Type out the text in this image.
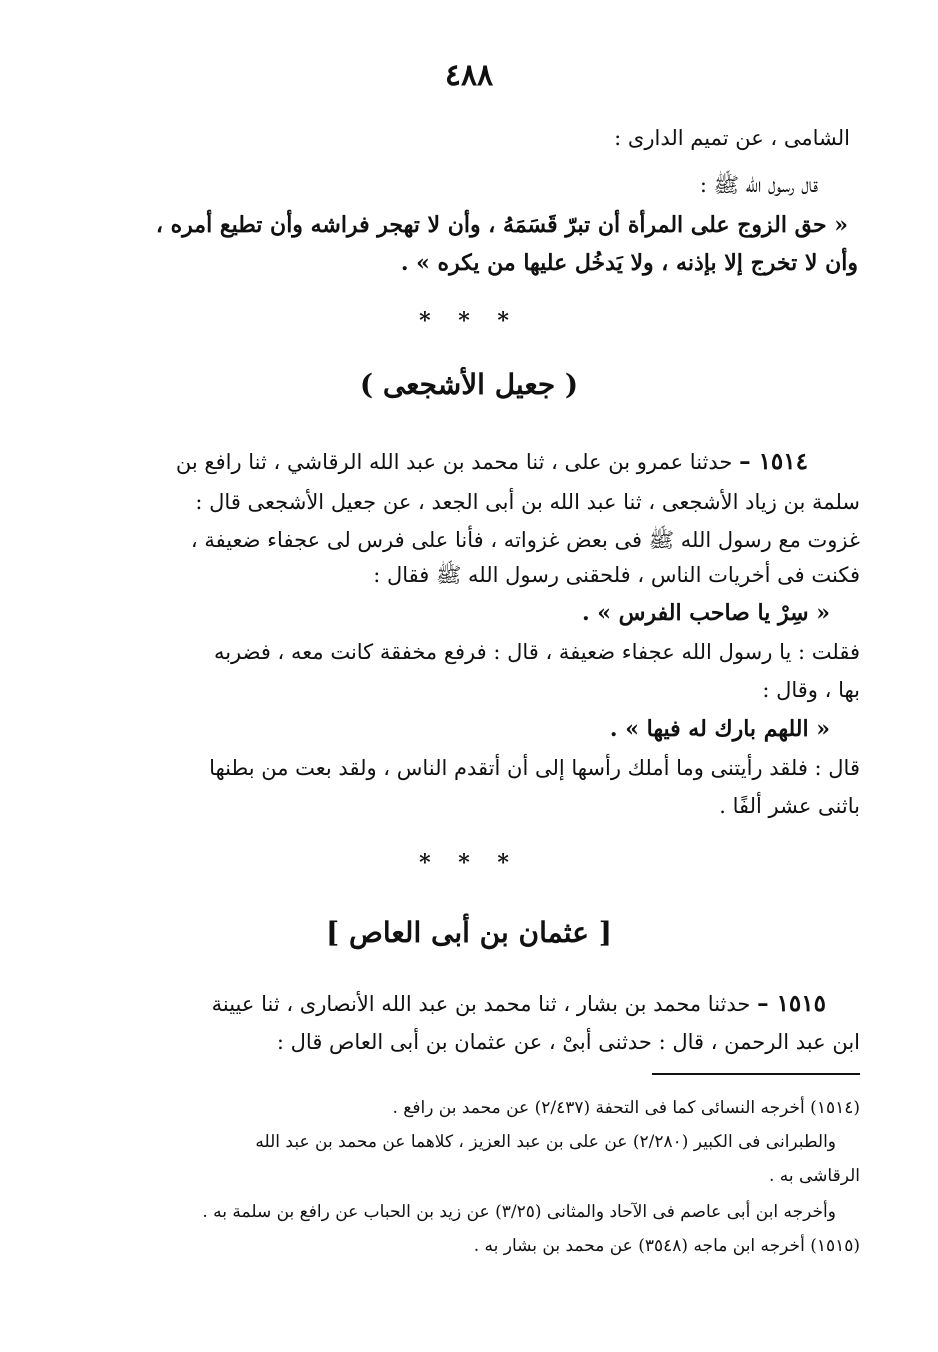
٤٨٨
الشامى ، عن تميم الدارى :
قال رسول الله ﷺ :
« حق الزوج على المرأة أن تبرّ قَسَمَهُ ، وأن لا تهجر فراشه وأن تطيع أمره ،
وأن لا تخرج إلا بإذنه ، ولا يَدخُل عليها من يكره » .
* * *
( جعيل الأشجعى )
١٥١٤ – حدثنا عمرو بن على ، ثنا محمد بن عبد الله الرقاشي ، ثنا رافع بن
سلمة بن زياد الأشجعى ، ثنا عبد الله بن أبى الجعد ، عن جعيل الأشجعى قال :
غزوت مع رسول الله ﷺ فى بعض غزواته ، فأنا على فرس لى عجفاء ضعيفة ،
فكنت فى أخريات الناس ، فلحقنى رسول الله ﷺ فقال :
« سِرْ يا صاحب الفرس » .
فقلت : يا رسول الله عجفاء ضعيفة ، قال : فرفع مخفقة كانت معه ، فضربه
بها ، وقال :
« اللهم بارك له فيها » .
قال : فلقد رأيتنى وما أملك رأسها إلى أن أتقدم الناس ، ولقد بعت من بطنها
باثنى عشر ألفًا .
* * *
[ عثمان بن أبى العاص ]
١٥١٥ – حدثنا محمد بن بشار ، ثنا محمد بن عبد الله الأنصارى ، ثنا عيينة
ابن عبد الرحمن ، قال : حدثنى أبىْ ، عن عثمان بن أبى العاص قال :
(١٥١٤) أخرجه النسائى كما فى التحفة (٢/٤٣٧) عن محمد بن رافع .
والطبرانى فى الكبير (٢/٢٨٠) عن على بن عبد العزيز ، كلاهما عن محمد بن عبد الله
الرقاشى به .
وأخرجه ابن أبى عاصم فى الآحاد والمثانى (٣/٢٥) عن زيد بن الحباب عن رافع بن سلمة به .
(١٥١٥) أخرجه ابن ماجه (٣٥٤٨) عن محمد بن بشار به .
